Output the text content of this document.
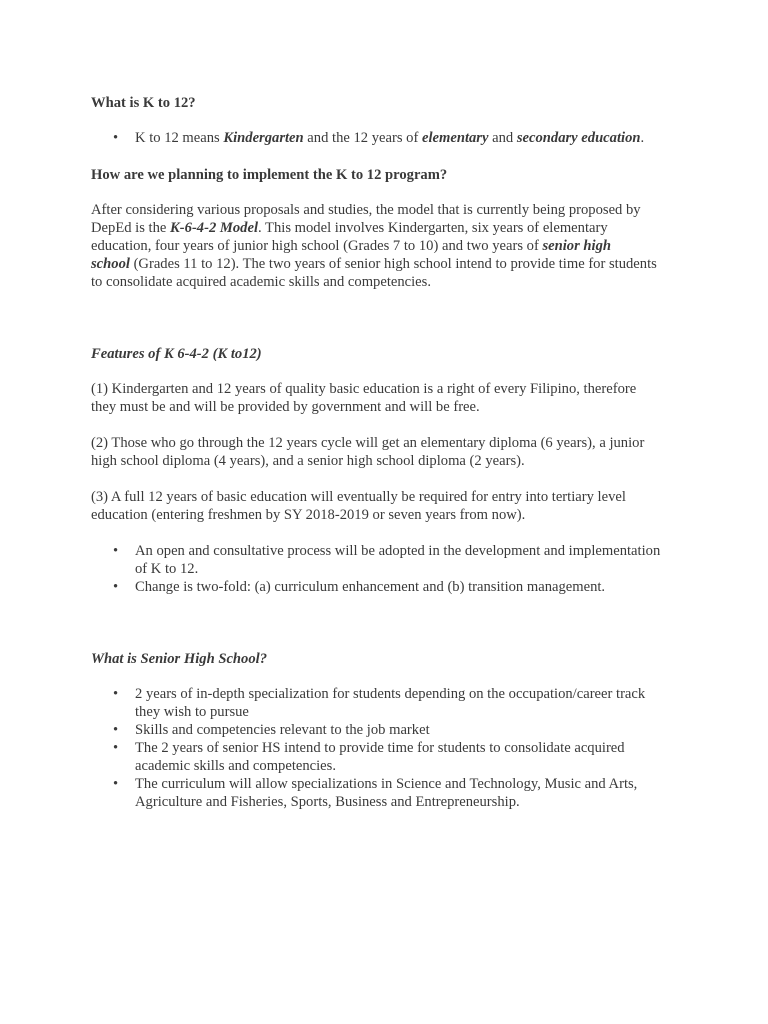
What is K to 12?
• K to 12 means Kindergarten and the 12 years of elementary and secondary education.
How are we planning to implement the K to 12 program?
After considering various proposals and studies, the model that is currently being proposed by
DepEd is the K-6-4-2 Model. This model involves Kindergarten, six years of elementary
education, four years of junior high school (Grades 7 to 10) and two years of senior high
school (Grades 11 to 12). The two years of senior high school intend to provide time for students
to consolidate acquired academic skills and competencies.
Features of K 6-4-2 (K to12)
(1) Kindergarten and 12 years of quality basic education is a right of every Filipino, therefore
they must be and will be provided by government and will be free.
(2) Those who go through the 12 years cycle will get an elementary diploma (6 years), a junior
high school diploma (4 years), and a senior high school diploma (2 years).
(3) A full 12 years of basic education will eventually be required for entry into tertiary level
education (entering freshmen by SY 2018-2019 or seven years from now).
• An open and consultative process will be adopted in the development and implementation
of K to 12.
• Change is two-fold: (a) curriculum enhancement and (b) transition management.
What is Senior High School?
• 2 years of in-depth specialization for students depending on the occupation/career track
they wish to pursue
• Skills and competencies relevant to the job market
• The 2 years of senior HS intend to provide time for students to consolidate acquired
academic skills and competencies.
• The curriculum will allow specializations in Science and Technology, Music and Arts,
Agriculture and Fisheries, Sports, Business and Entrepreneurship.
